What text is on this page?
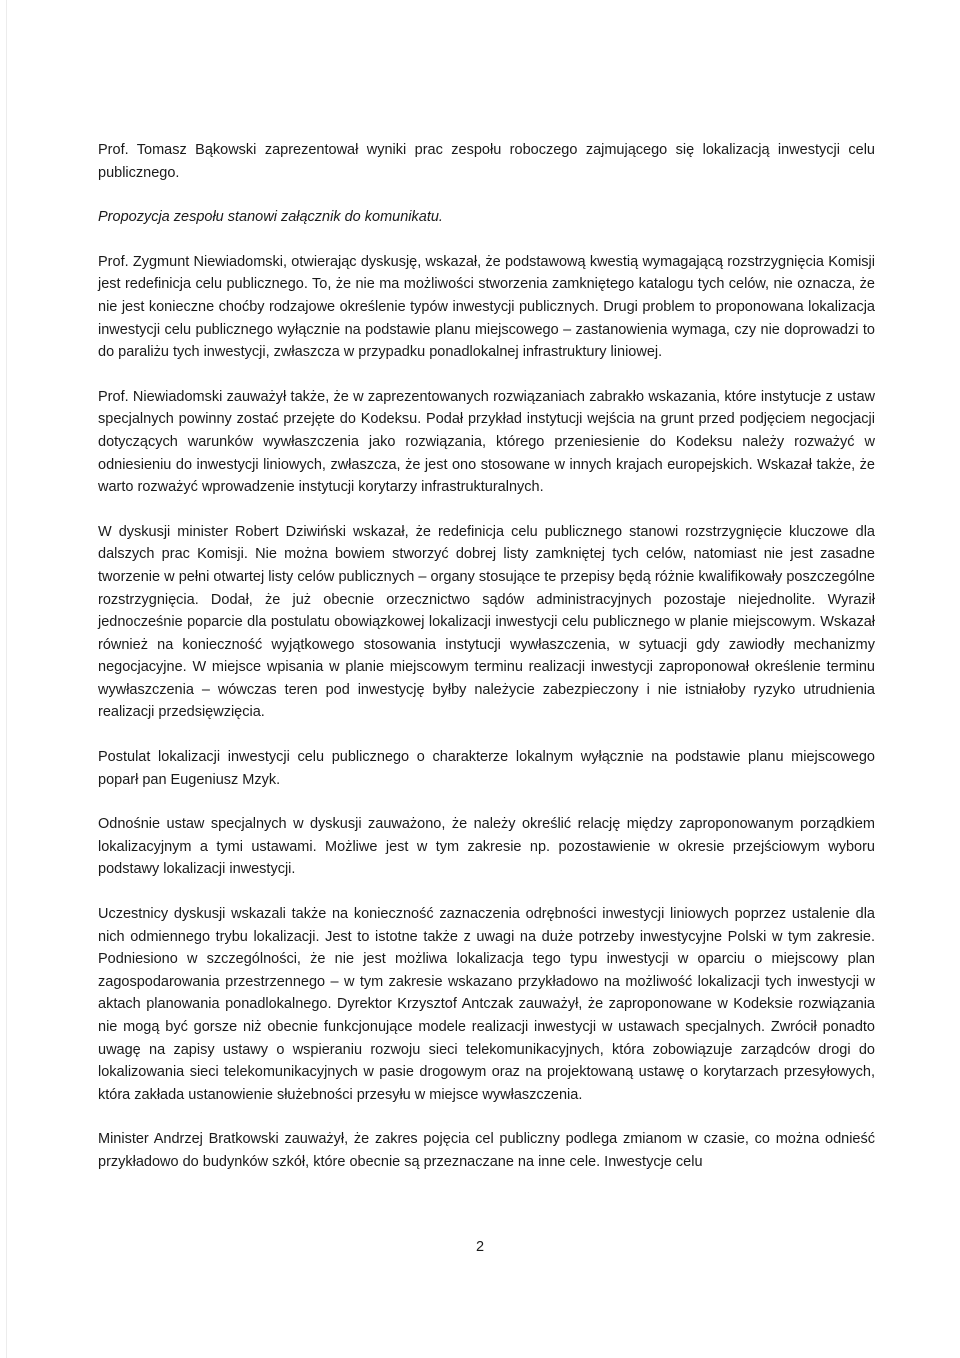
Prof. Tomasz Bąkowski zaprezentował wyniki prac zespołu roboczego zajmującego się lokalizacją inwestycji celu publicznego.

Propozycja zespołu stanowi załącznik do komunikatu.

Prof. Zygmunt Niewiadomski, otwierając dyskusję, wskazał, że podstawową kwestią wymagającą rozstrzygnięcia Komisji jest redefinicja celu publicznego. To, że nie ma możliwości stworzenia zamkniętego katalogu tych celów, nie oznacza, że nie jest konieczne choćby rodzajowe określenie typów inwestycji publicznych. Drugi problem to proponowana lokalizacja inwestycji celu publicznego wyłącznie na podstawie planu miejscowego – zastanowienia wymaga, czy nie doprowadzi to do paraliżu tych inwestycji, zwłaszcza w przypadku ponadlokalnej infrastruktury liniowej.

Prof. Niewiadomski zauważył także, że w zaprezentowanych rozwiązaniach zabrakło wskazania, które instytucje z ustaw specjalnych powinny zostać przejęte do Kodeksu. Podał przykład instytucji wejścia na grunt przed podjęciem negocjacji dotyczących warunków wywłaszczenia jako rozwiązania, którego przeniesienie do Kodeksu należy rozważyć w odniesieniu do inwestycji liniowych, zwłaszcza, że jest ono stosowane w innych krajach europejskich. Wskazał także, że warto rozważyć wprowadzenie instytucji korytarzy infrastrukturalnych.

W dyskusji minister Robert Dziwiński wskazał, że redefinicja celu publicznego stanowi rozstrzygnięcie kluczowe dla dalszych prac Komisji. Nie można bowiem stworzyć dobrej listy zamkniętej tych celów, natomiast nie jest zasadne tworzenie w pełni otwartej listy celów publicznych – organy stosujące te przepisy będą różnie kwalifikowały poszczególne rozstrzygnięcia. Dodał, że już obecnie orzecznictwo sądów administracyjnych pozostaje niejednolite. Wyraził jednocześnie poparcie dla postulatu obowiązkowej lokalizacji inwestycji celu publicznego w planie miejscowym. Wskazał również na konieczność wyjątkowego stosowania instytucji wywłaszczenia, w sytuacji gdy zawiodły mechanizmy negocjacyjne. W miejsce wpisania w planie miejscowym terminu realizacji inwestycji zaproponował określenie terminu wywłaszczenia – wówczas teren pod inwestycję byłby należycie zabezpieczony i nie istniałoby ryzyko utrudnienia realizacji przedsięwzięcia.

Postulat lokalizacji inwestycji celu publicznego o charakterze lokalnym wyłącznie na podstawie planu miejscowego poparł pan Eugeniusz Mzyk.

Odnośnie ustaw specjalnych w dyskusji zauważono, że należy określić relację między zaproponowanym porządkiem lokalizacyjnym a tymi ustawami. Możliwe jest w tym zakresie np. pozostawienie w okresie przejściowym wyboru podstawy lokalizacji inwestycji.

Uczestnicy dyskusji wskazali także na konieczność zaznaczenia odrębności inwestycji liniowych poprzez ustalenie dla nich odmiennego trybu lokalizacji. Jest to istotne także z uwagi na duże potrzeby inwestycyjne Polski w tym zakresie. Podniesiono w szczególności, że nie jest możliwa lokalizacja tego typu inwestycji w oparciu o miejscowy plan zagospodarowania przestrzennego – w tym zakresie wskazano przykładowo na możliwość lokalizacji tych inwestycji w aktach planowania ponadlokalnego. Dyrektor Krzysztof Antczak zauważył, że zaproponowane w Kodeksie rozwiązania nie mogą być gorsze niż obecnie funkcjonujące modele realizacji inwestycji w ustawach specjalnych. Zwrócił ponadto uwagę na zapisy ustawy o wspieraniu rozwoju sieci telekomunikacyjnych, która zobowiązuje zarządców drogi do lokalizowania sieci telekomunikacyjnych w pasie drogowym oraz na projektowaną ustawę o korytarzach przesyłowych, która zakłada ustanowienie służebności przesyłu w miejsce wywłaszczenia.

Minister Andrzej Bratkowski zauważył, że zakres pojęcia cel publiczny podlega zmianom w czasie, co można odnieść przykładowo do budynków szkół, które obecnie są przeznaczane na inne cele. Inwestycje celu

2
